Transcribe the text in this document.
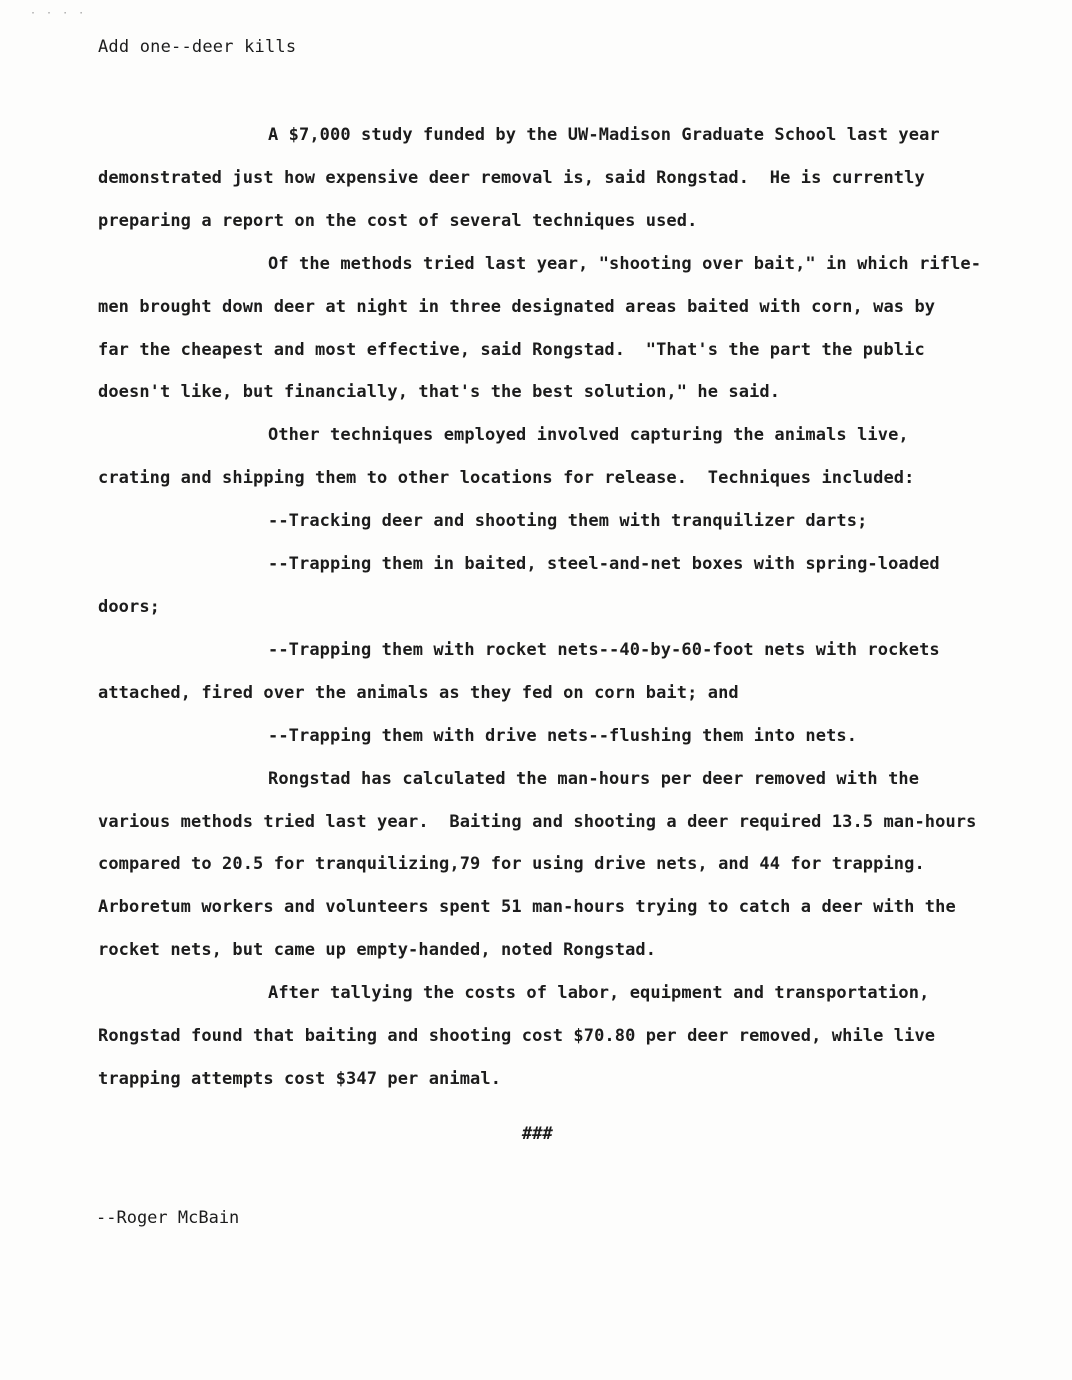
· · · ·
Add one--deer kills
A $7,000 study funded by the UW-Madison Graduate School last year
demonstrated just how expensive deer removal is, said Rongstad.  He is currently
preparing a report on the cost of several techniques used.
Of the methods tried last year, "shooting over bait," in which rifle-
men brought down deer at night in three designated areas baited with corn, was by
far the cheapest and most effective, said Rongstad.  "That's the part the public
doesn't like, but financially, that's the best solution," he said.
Other techniques employed involved capturing the animals live,
crating and shipping them to other locations for release.  Techniques included:
--Tracking deer and shooting them with tranquilizer darts;
--Trapping them in baited, steel-and-net boxes with spring-loaded
doors;
--Trapping them with rocket nets--40-by-60-foot nets with rockets
attached, fired over the animals as they fed on corn bait; and
--Trapping them with drive nets--flushing them into nets.
Rongstad has calculated the man-hours per deer removed with the
various methods tried last year.  Baiting and shooting a deer required 13.5 man-hours
compared to 20.5 for tranquilizing,79 for using drive nets, and 44 for trapping.
Arboretum workers and volunteers spent 51 man-hours trying to catch a deer with the
rocket nets, but came up empty-handed, noted Rongstad.
After tallying the costs of labor, equipment and transportation,
Rongstad found that baiting and shooting cost $70.80 per deer removed, while live
trapping attempts cost $347 per animal.
###
--Roger McBain
